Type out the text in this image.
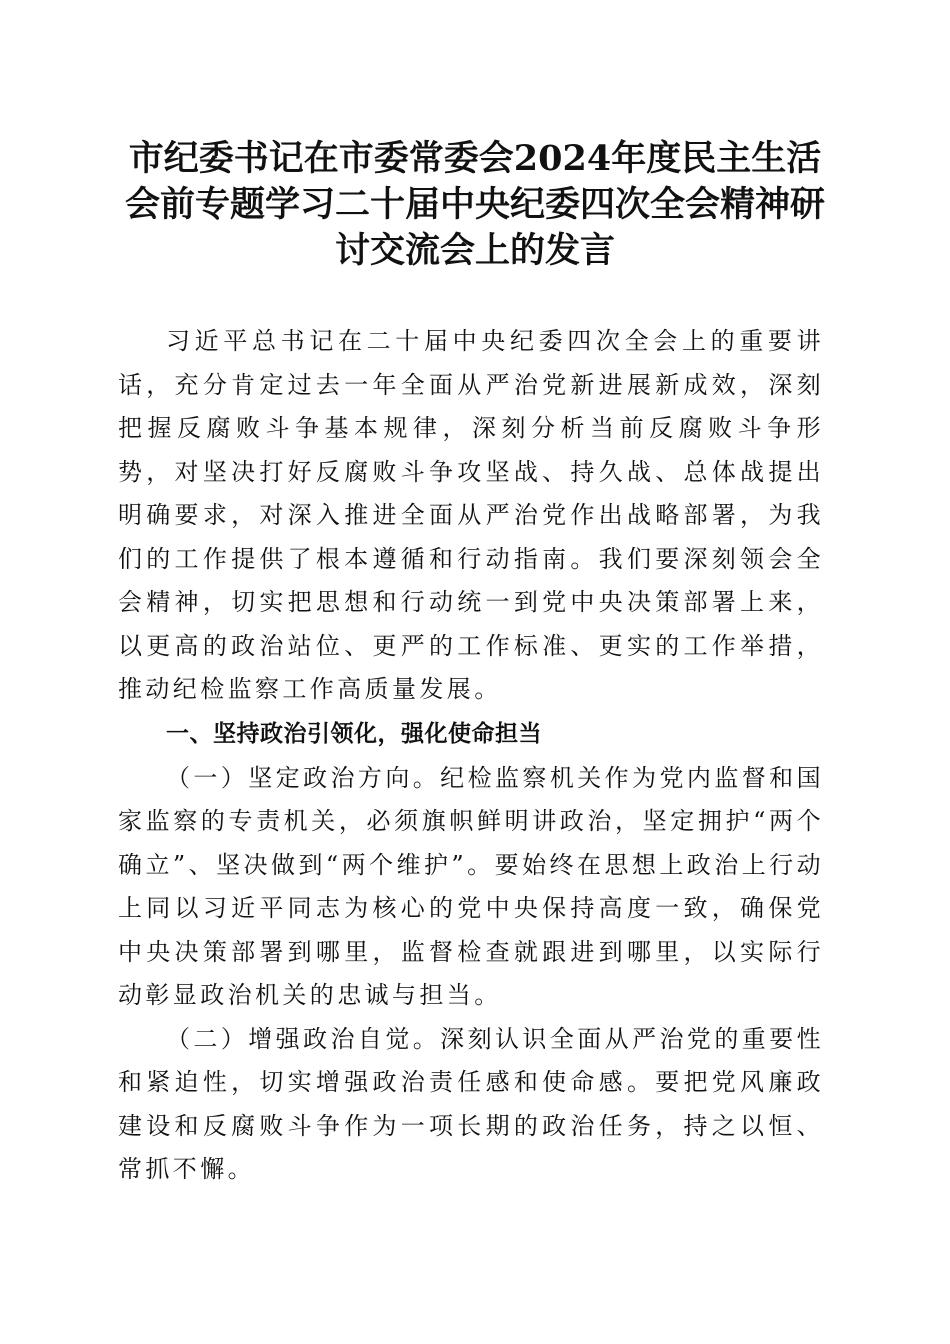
市纪委书记在市委常委会2024年度民主生活
会前专题学习二十届中央纪委四次全会精神研
讨交流会上的发言

习近平总书记在二十届中央纪委四次全会上的重要讲话，充分肯定过去一年全面从严治党新进展新成效，深刻把握反腐败斗争基本规律，深刻分析当前反腐败斗争形势，对坚决打好反腐败斗争攻坚战、持久战、总体战提出明确要求，对深入推进全面从严治党作出战略部署，为我们的工作提供了根本遵循和行动指南。我们要深刻领会全会精神，切实把思想和行动统一到党中央决策部署上来，以更高的政治站位、更严的工作标准、更实的工作举措，推动纪检监察工作高质量发展。

一、坚持政治引领化，强化使命担当

（一）坚定政治方向。纪检监察机关作为党内监督和国家监察的专责机关，必须旗帜鲜明讲政治，坚定拥护“两个确立”、坚决做到“两个维护”。要始终在思想上政治上行动上同以习近平同志为核心的党中央保持高度一致，确保党中央决策部署到哪里，监督检查就跟进到哪里，以实际行动彰显政治机关的忠诚与担当。

（二）增强政治自觉。深刻认识全面从严治党的重要性和紧迫性，切实增强政治责任感和使命感。要把党风廉政建设和反腐败斗争作为一项长期的政治任务，持之以恒、常抓不懈。
